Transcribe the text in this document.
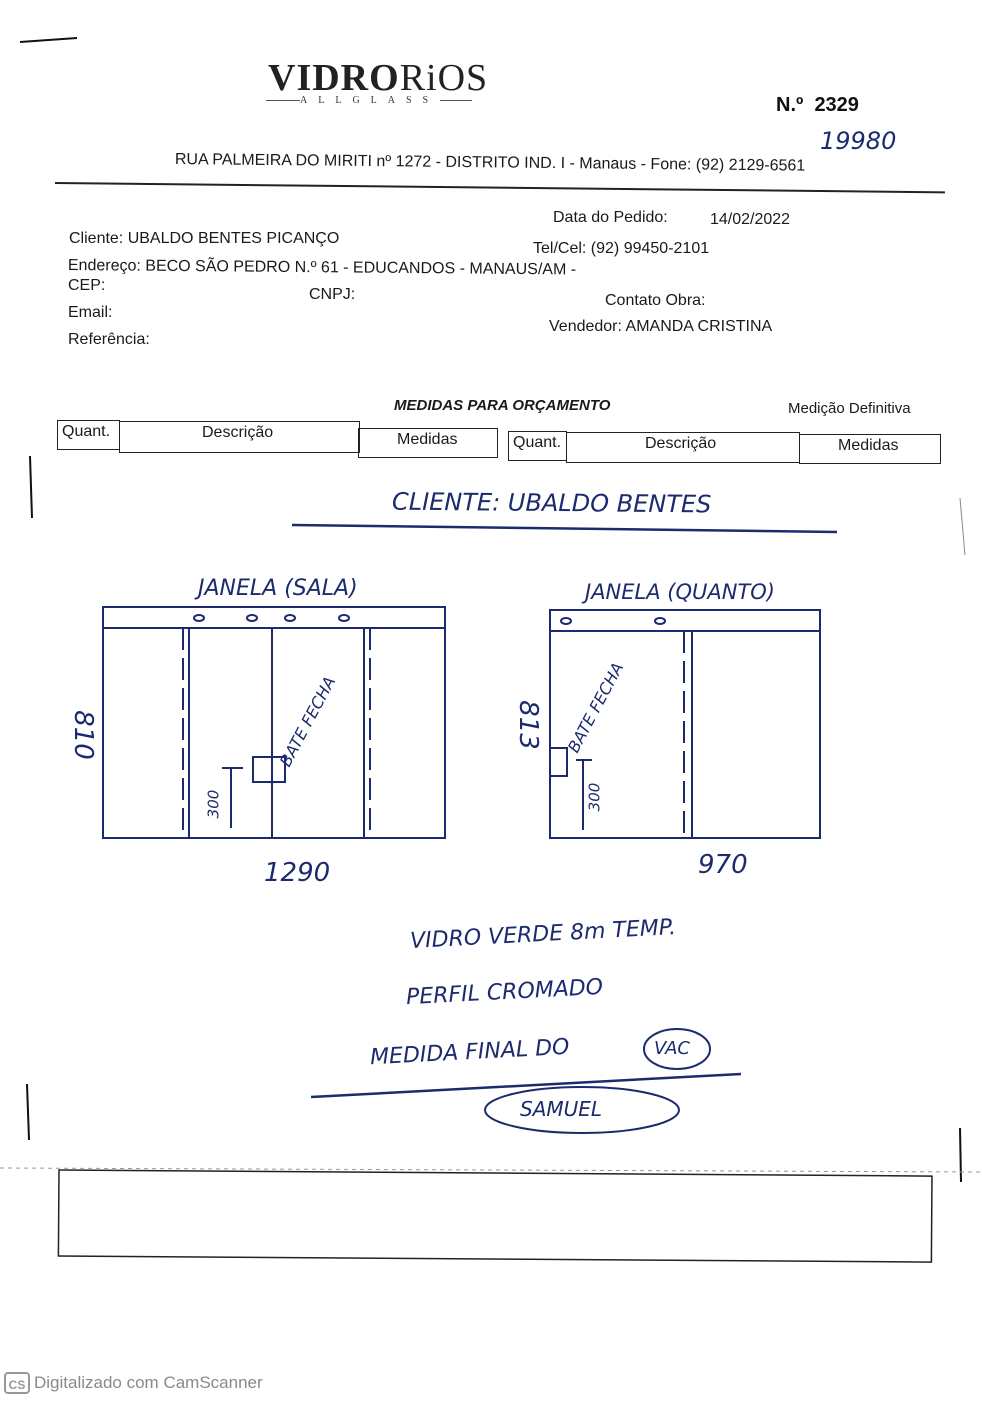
VIDRORiOS
ALLGLASS	N.º 2329
19980
RUA PALMEIRA DO MIRITI nº 1272 - DISTRITO IND. I - Manaus - Fone: (92) 2129-6561
Data do Pedido:	14/02/2022
Cliente: UBALDO BENTES PICANÇO
Tel/Cel: (92) 99450-2101
Endereço: BECO SÃO PEDRO N.º 61 - EDUCANDOS - MANAUS/AM -
CEP:
CNPJ:	Contato Obra:
Email:
Vendedor: AMANDA CRISTINA
Referência:
MEDIDAS PARA ORÇAMENTO	Medição Definitiva
Quant.	Descrição	Medidas	Quant.	Descrição	Medidas
CLIENTE: UBALDO BENTES
JANELA (SALA)
810
1290
BATE FECHA
300
JANELA (QUANTO)
813
970
BATE FECHA
300
VIDRO VERDE 8m TEMP.
PERFIL CROMADO
MEDIDA FINAL DO	VAC
SAMUEL
CS Digitalizado com CamScanner
